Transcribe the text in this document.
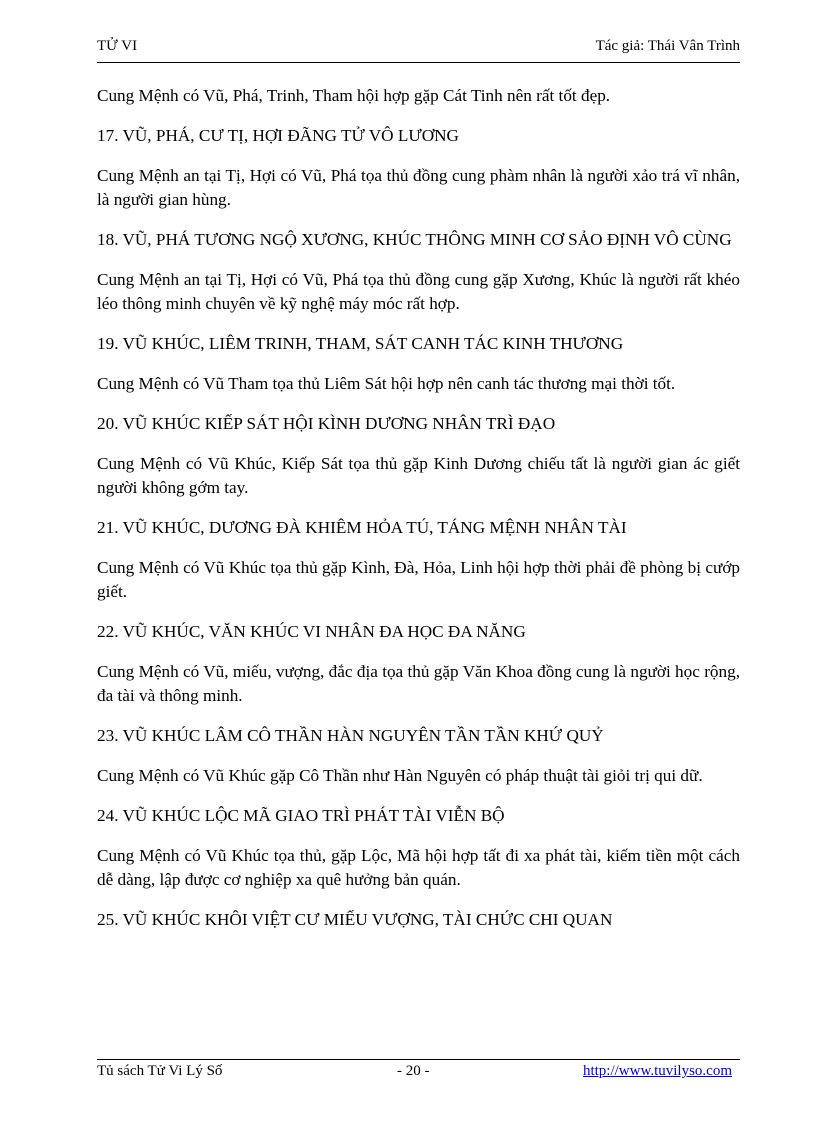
TỬ VI	Tác giả: Thái Vân Trình

Cung Mệnh có Vũ, Phá, Trinh, Tham hội hợp gặp Cát Tinh nên rất tốt đẹp.

17. VŨ, PHÁ, CƯ TỊ, HỢI ĐÃNG TỬ VÔ LƯƠNG

Cung Mệnh an tại Tị, Hợi có Vũ, Phá tọa thủ đồng cung phàm nhân là người xảo trá vĩ nhân, là người gian hùng.

18. VŨ, PHÁ TƯƠNG NGỘ XƯƠNG, KHÚC THÔNG MINH CƠ SẢO ĐỊNH VÔ CÙNG

Cung Mệnh an tại Tị, Hợi có Vũ, Phá tọa thủ đồng cung gặp Xương, Khúc là người rất khéo léo thông minh chuyên về kỹ nghệ máy móc rất hợp.

19. VŨ KHÚC, LIÊM TRINH, THAM, SÁT CANH TÁC KINH THƯƠNG

Cung Mệnh có Vũ Tham tọa thủ Liêm Sát hội hợp nên canh tác thương mại thời tốt.

20. VŨ KHÚC KIẾP SÁT HỘI KÌNH DƯƠNG NHÂN TRÌ ĐẠO

Cung Mệnh có Vũ Khúc, Kiếp Sát tọa thủ gặp Kinh Dương chiếu tất là người gian ác giết người không gớm tay.

21. VŨ KHÚC, DƯƠNG ĐÀ KHIÊM HỎA TÚ, TÁNG MỆNH NHÂN TÀI

Cung Mệnh có Vũ Khúc tọa thủ gặp Kình, Đà, Hỏa, Linh hội hợp thời phải đề phòng bị cướp giết.

22. VŨ KHÚC, VĂN KHÚC VI NHÂN ĐA HỌC ĐA NĂNG

Cung Mệnh có Vũ, miếu, vượng, đắc địa tọa thủ gặp Văn Khoa đồng cung là người học rộng, đa tài và thông minh.

23. VŨ KHÚC LÂM CÔ THẦN HÀN NGUYÊN TẦN TẦN KHỨ QUỶ

Cung Mệnh có Vũ Khúc gặp Cô Thần như Hàn Nguyên có pháp thuật tài giỏi trị qui dữ.

24. VŨ KHÚC LỘC MÃ GIAO TRÌ PHÁT TÀI VIỄN BỘ

Cung Mệnh có Vũ Khúc tọa thủ, gặp Lộc, Mã hội hợp tất đi xa phát tài, kiếm tiền một cách dễ dàng, lập được cơ nghiệp xa quê hưởng bản quán.

25. VŨ KHÚC KHÔI VIỆT CƯ MIẾU VƯỢNG, TÀI CHỨC CHI QUAN

Tủ sách Tử Vi Lý Số	- 20 -	http://www.tuvilyso.com
